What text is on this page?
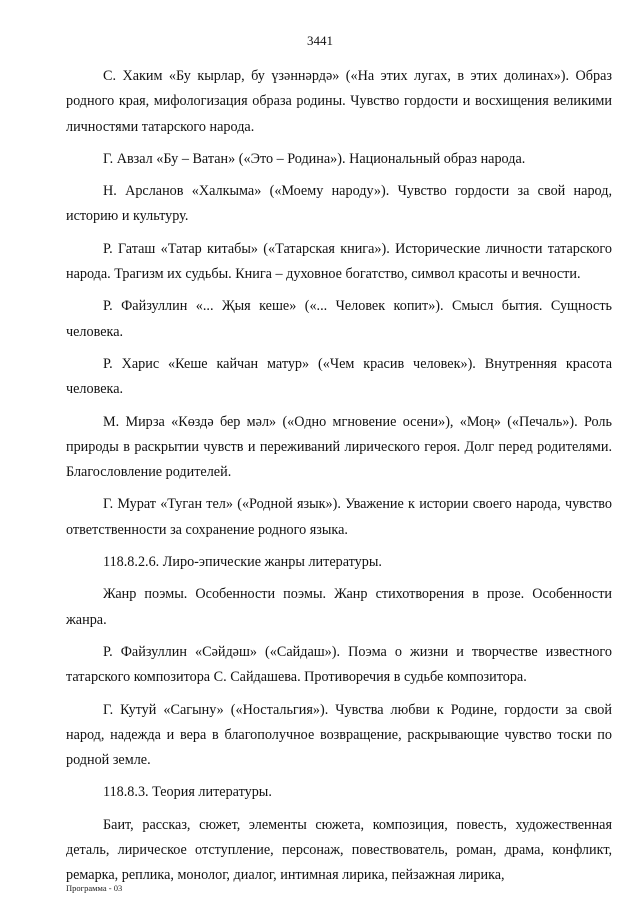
3441

С. Хаким «Бу кырлар, бу үзәннәрдә» («На этих лугах, в этих долинах»). Образ родного края, мифологизация образа родины. Чувство гордости и восхищения великими личностями татарского народа.

Г. Авзал «Бу – Ватан» («Это – Родина»). Национальный образ народа.

Н. Арсланов «Халкыма» («Моему народу»). Чувство гордости за свой народ, историю и культуру.

Р. Гаташ «Татар китабы» («Татарская книга»). Исторические личности татарского народа. Трагизм их судьбы. Книга – духовное богатство, символ красоты и вечности.

Р. Файзуллин «... Җыя кеше» («... Человек копит»). Смысл бытия. Сущность человека.

Р. Харис «Кеше кайчан матур» («Чем красив человек»). Внутренняя красота человека.

М. Мирза «Көздә бер мәл» («Одно мгновение осени»), «Моң» («Печаль»). Роль природы в раскрытии чувств и переживаний лирического героя. Долг перед родителями. Благословление родителей.

Г. Мурат «Туган тел» («Родной язык»). Уважение к истории своего народа, чувство ответственности за сохранение родного языка.

118.8.2.6. Лиро-эпические жанры литературы.

Жанр поэмы. Особенности поэмы. Жанр стихотворения в прозе. Особенности жанра.

Р. Файзуллин «Сәйдәш» («Сайдаш»). Поэма о жизни и творчестве известного татарского композитора С. Сайдашева. Противоречия в судьбе композитора.

Г. Кутуй «Сагыну» («Ностальгия»). Чувства любви к Родине, гордости за свой народ, надежда и вера в благополучное возвращение, раскрывающие чувство тоски по родной земле.

118.8.3. Теория литературы.

Баит, рассказ, сюжет, элементы сюжета, композиция, повесть, художественная деталь, лирическое отступление, персонаж, повествователь, роман, драма, конфликт, ремарка, реплика, монолог, диалог, интимная лирика, пейзажная лирика,

Программа - 03
